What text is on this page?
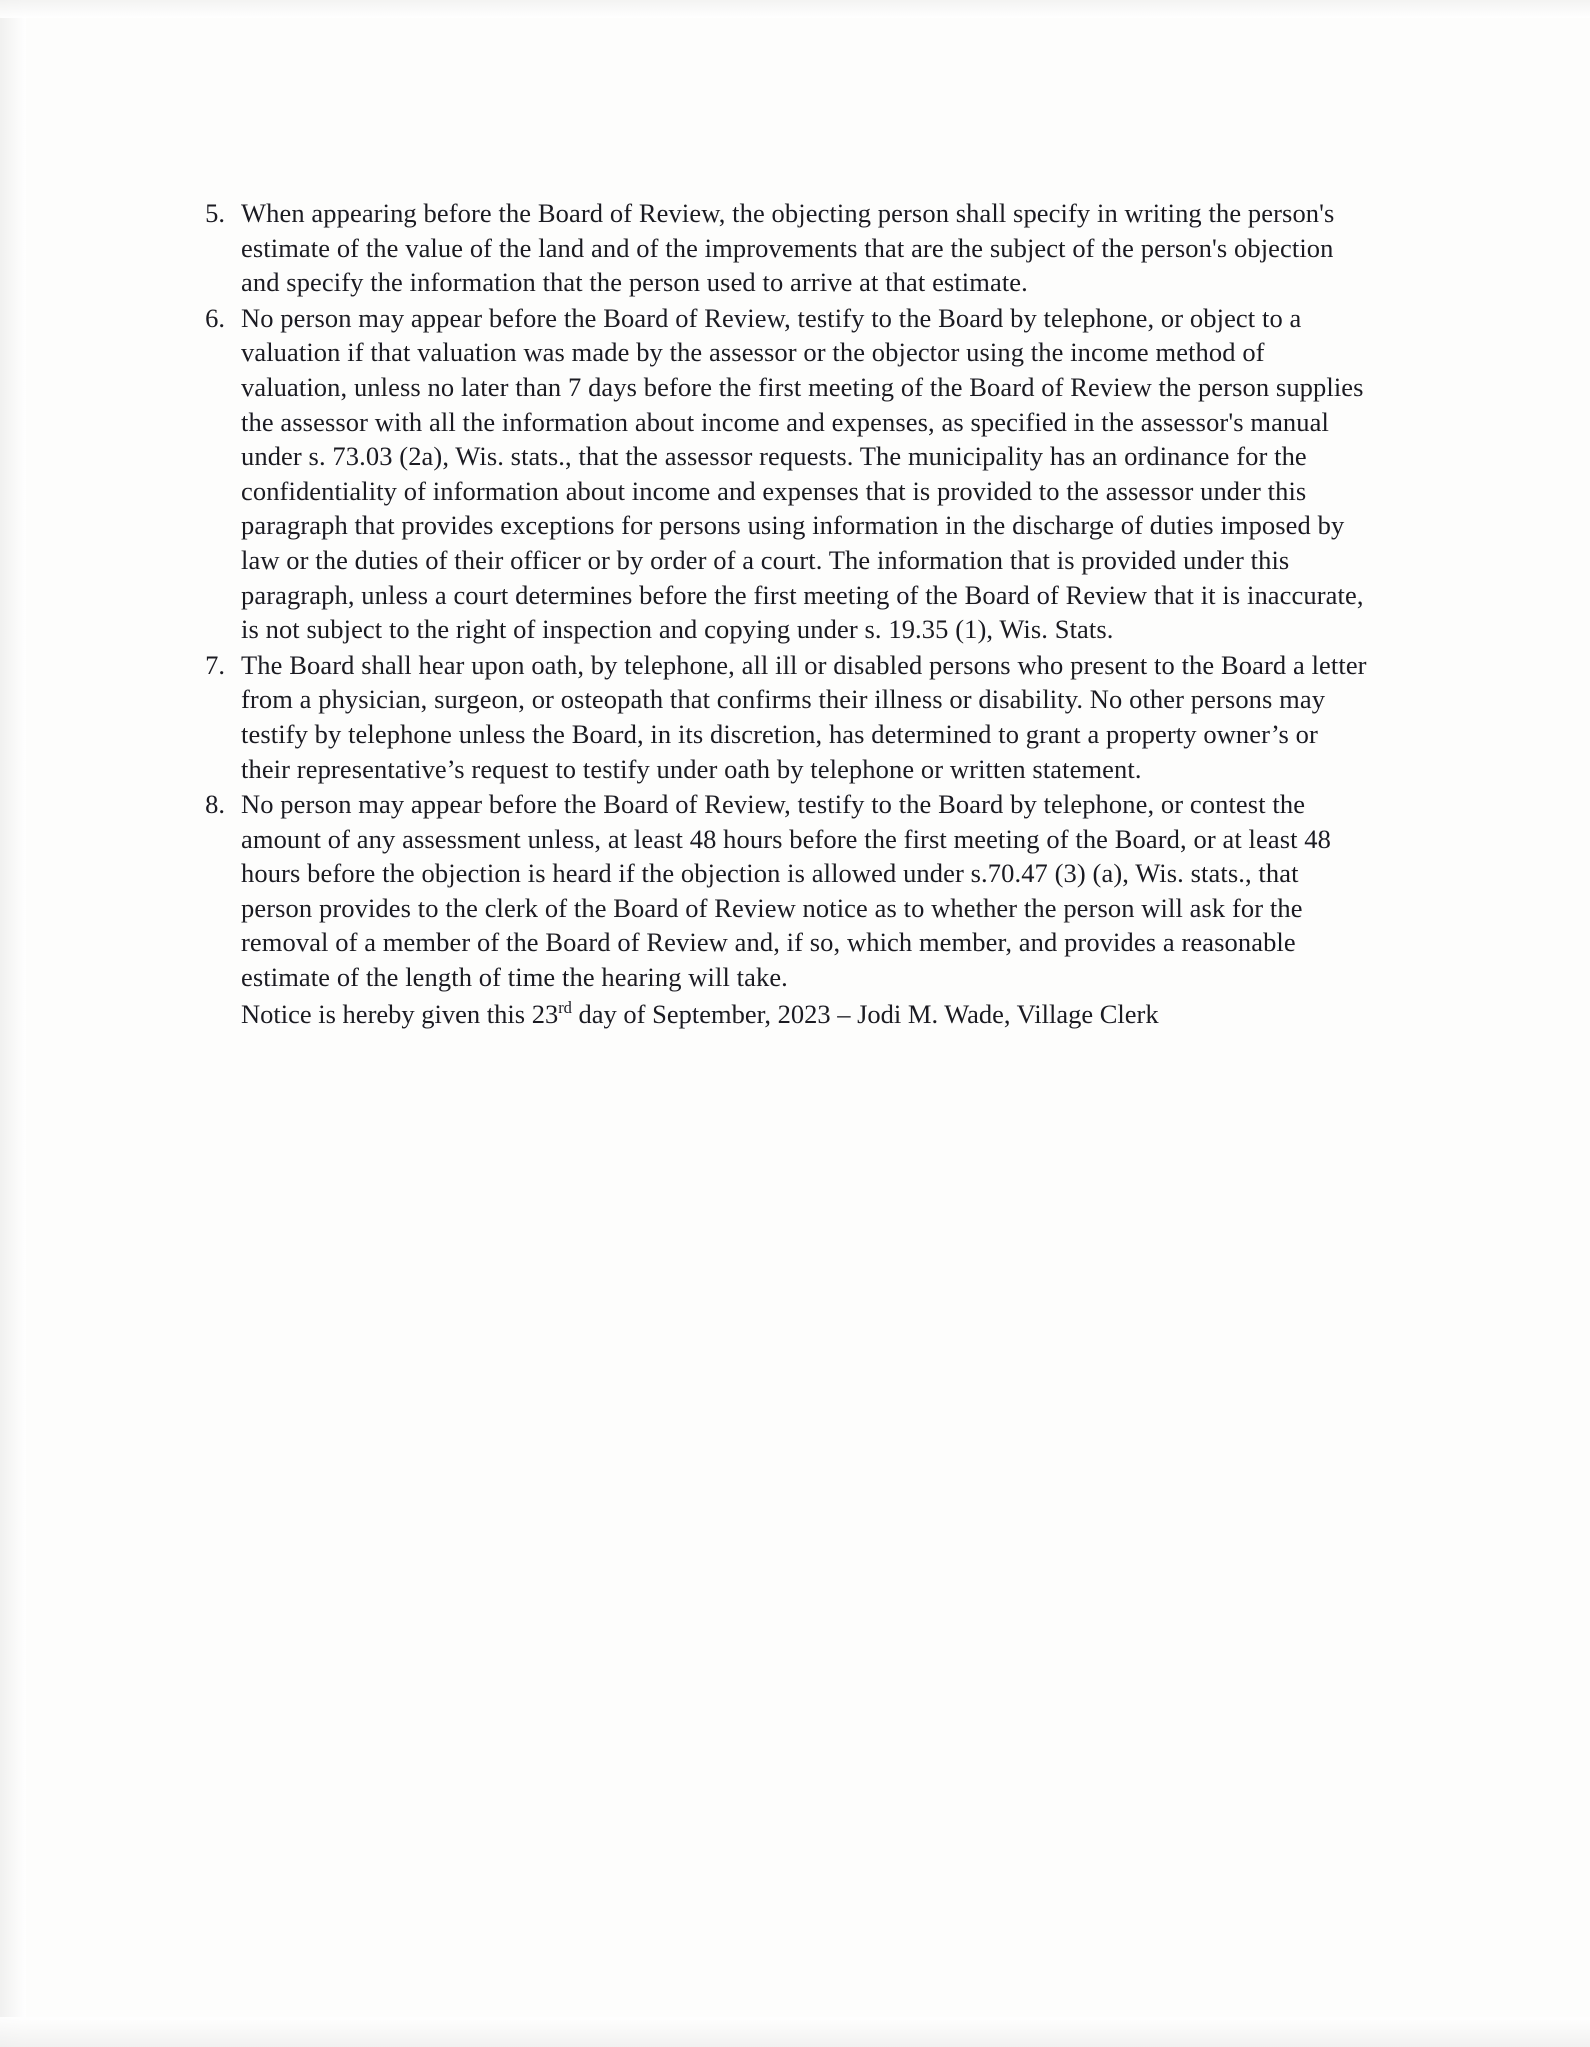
5. When appearing before the Board of Review, the objecting person shall specify in writing the person's estimate of the value of the land and of the improvements that are the subject of the person's objection and specify the information that the person used to arrive at that estimate.
6. No person may appear before the Board of Review, testify to the Board by telephone, or object to a valuation if that valuation was made by the assessor or the objector using the income method of valuation, unless no later than 7 days before the first meeting of the Board of Review the person supplies the assessor with all the information about income and expenses, as specified in the assessor's manual under s. 73.03 (2a), Wis. stats., that the assessor requests. The municipality has an ordinance for the confidentiality of information about income and expenses that is provided to the assessor under this paragraph that provides exceptions for persons using information in the discharge of duties imposed by law or the duties of their officer or by order of a court. The information that is provided under this paragraph, unless a court determines before the first meeting of the Board of Review that it is inaccurate, is not subject to the right of inspection and copying under s. 19.35 (1), Wis. Stats.
7. The Board shall hear upon oath, by telephone, all ill or disabled persons who present to the Board a letter from a physician, surgeon, or osteopath that confirms their illness or disability. No other persons may testify by telephone unless the Board, in its discretion, has determined to grant a property owner’s or their representative’s request to testify under oath by telephone or written statement.
8. No person may appear before the Board of Review, testify to the Board by telephone, or contest the amount of any assessment unless, at least 48 hours before the first meeting of the Board, or at least 48 hours before the objection is heard if the objection is allowed under s.70.47 (3) (a), Wis. stats., that person provides to the clerk of the Board of Review notice as to whether the person will ask for the removal of a member of the Board of Review and, if so, which member, and provides a reasonable estimate of the length of time the hearing will take.

Notice is hereby given this 23rd day of September, 2023 – Jodi M. Wade, Village Clerk
